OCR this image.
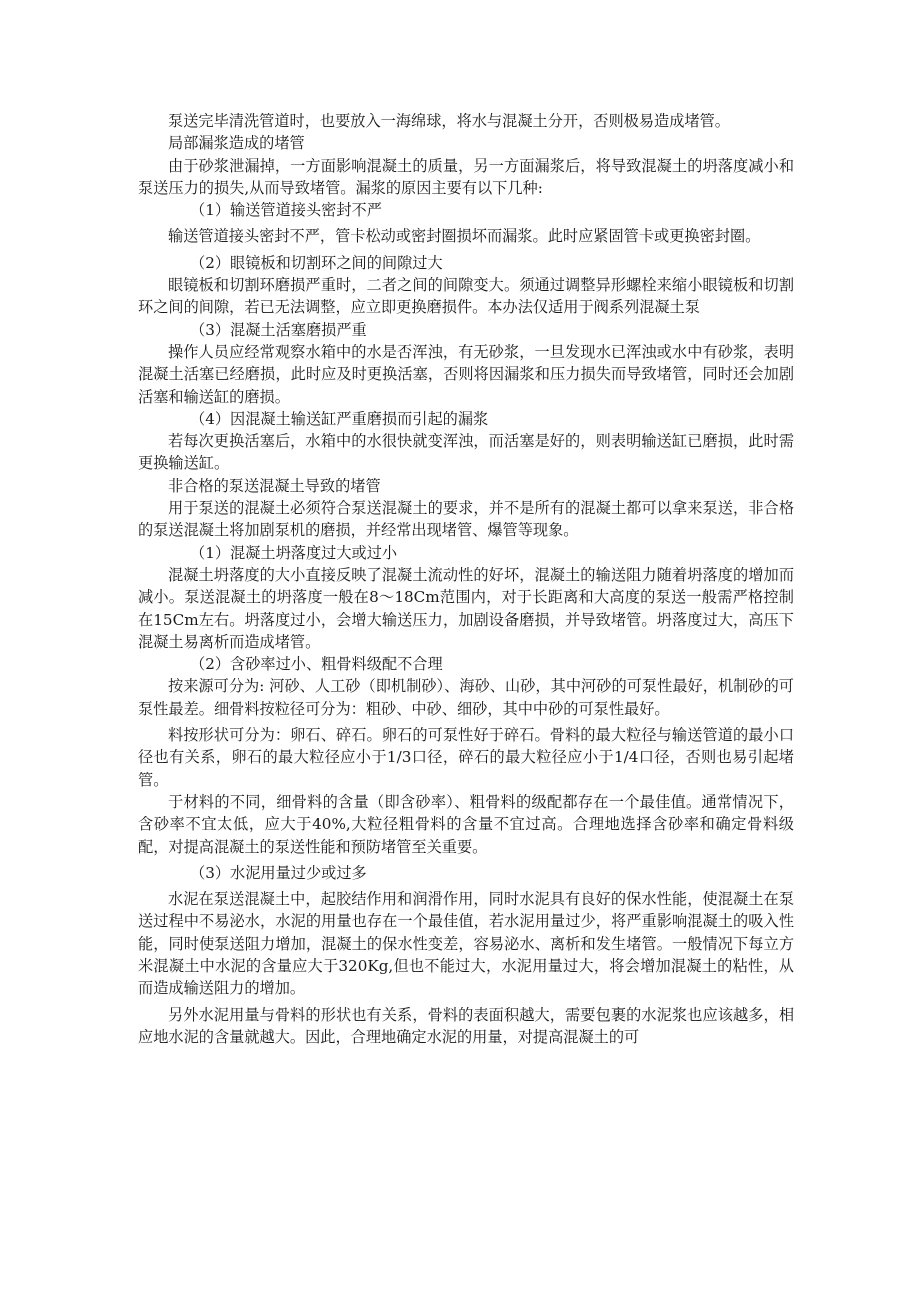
泵送完毕清洗管道时，也要放入一海绵球，将水与混凝土分开，否则极易造成堵管。

局部漏浆造成的堵管

由于砂浆泄漏掉，一方面影响混凝土的质量，另一方面漏浆后，将导致混凝土的坍落度减小和泵送压力的损失,从而导致堵管。漏浆的原因主要有以下几种:

（1）输送管道接头密封不严

输送管道接头密封不严，管卡松动或密封圈损坏而漏浆。此时应紧固管卡或更换密封圈。

（2）眼镜板和切割环之间的间隙过大

眼镜板和切割环磨损严重时，二者之间的间隙变大。须通过调整异形螺栓来缩小眼镜板和切割环之间的间隙，若已无法调整，应立即更换磨损件。本办法仅适用于阀系列混凝土泵

（3）混凝土活塞磨损严重

操作人员应经常观察水箱中的水是否浑浊，有无砂浆，一旦发现水已浑浊或水中有砂浆，表明混凝土活塞已经磨损，此时应及时更换活塞，否则将因漏浆和压力损失而导致堵管，同时还会加剧活塞和输送缸的磨损。

（4）因混凝土输送缸严重磨损而引起的漏浆

若每次更换活塞后，水箱中的水很快就变浑浊，而活塞是好的，则表明输送缸已磨损，此时需更换输送缸。

非合格的泵送混凝土导致的堵管

用于泵送的混凝土必须符合泵送混凝土的要求，并不是所有的混凝土都可以拿来泵送，非合格的泵送混凝土将加剧泵机的磨损，并经常出现堵管、爆管等现象。

（1）混凝土坍落度过大或过小

混凝土坍落度的大小直接反映了混凝土流动性的好坏，混凝土的输送阻力随着坍落度的增加而减小。泵送混凝土的坍落度一般在8～18Cm范围内，对于长距离和大高度的泵送一般需严格控制在15Cm左右。坍落度过小，会增大输送压力，加剧设备磨损，并导致堵管。坍落度过大，高压下混凝土易离析而造成堵管。

（2）含砂率过小、粗骨料级配不合理

按来源可分为: 河砂、人工砂（即机制砂）、海砂、山砂，其中河砂的可泵性最好，机制砂的可泵性最差。细骨料按粒径可分为：粗砂、中砂、细砂，其中中砂的可泵性最好。

料按形状可分为：卵石、碎石。卵石的可泵性好于碎石。骨料的最大粒径与输送管道的最小口径也有关系，卵石的最大粒径应小于1/3口径，碎石的最大粒径应小于1/4口径，否则也易引起堵管。

于材料的不同，细骨料的含量（即含砂率）、粗骨料的级配都存在一个最佳值。通常情况下，含砂率不宜太低，应大于40%,大粒径粗骨料的含量不宜过高。合理地选择含砂率和确定骨料级配，对提高混凝土的泵送性能和预防堵管至关重要。

（3）水泥用量过少或过多

水泥在泵送混凝土中，起胶结作用和润滑作用，同时水泥具有良好的保水性能，使混凝土在泵送过程中不易泌水，水泥的用量也存在一个最佳值，若水泥用量过少，将严重影响混凝土的吸入性能，同时使泵送阻力增加，混凝土的保水性变差，容易泌水、离析和发生堵管。一般情况下每立方米混凝土中水泥的含量应大于320Kg,但也不能过大，水泥用量过大，将会增加混凝土的粘性，从而造成输送阻力的增加。

另外水泥用量与骨料的形状也有关系，骨料的表面积越大，需要包裹的水泥浆也应该越多，相应地水泥的含量就越大。因此，合理地确定水泥的用量，对提高混凝土的可
